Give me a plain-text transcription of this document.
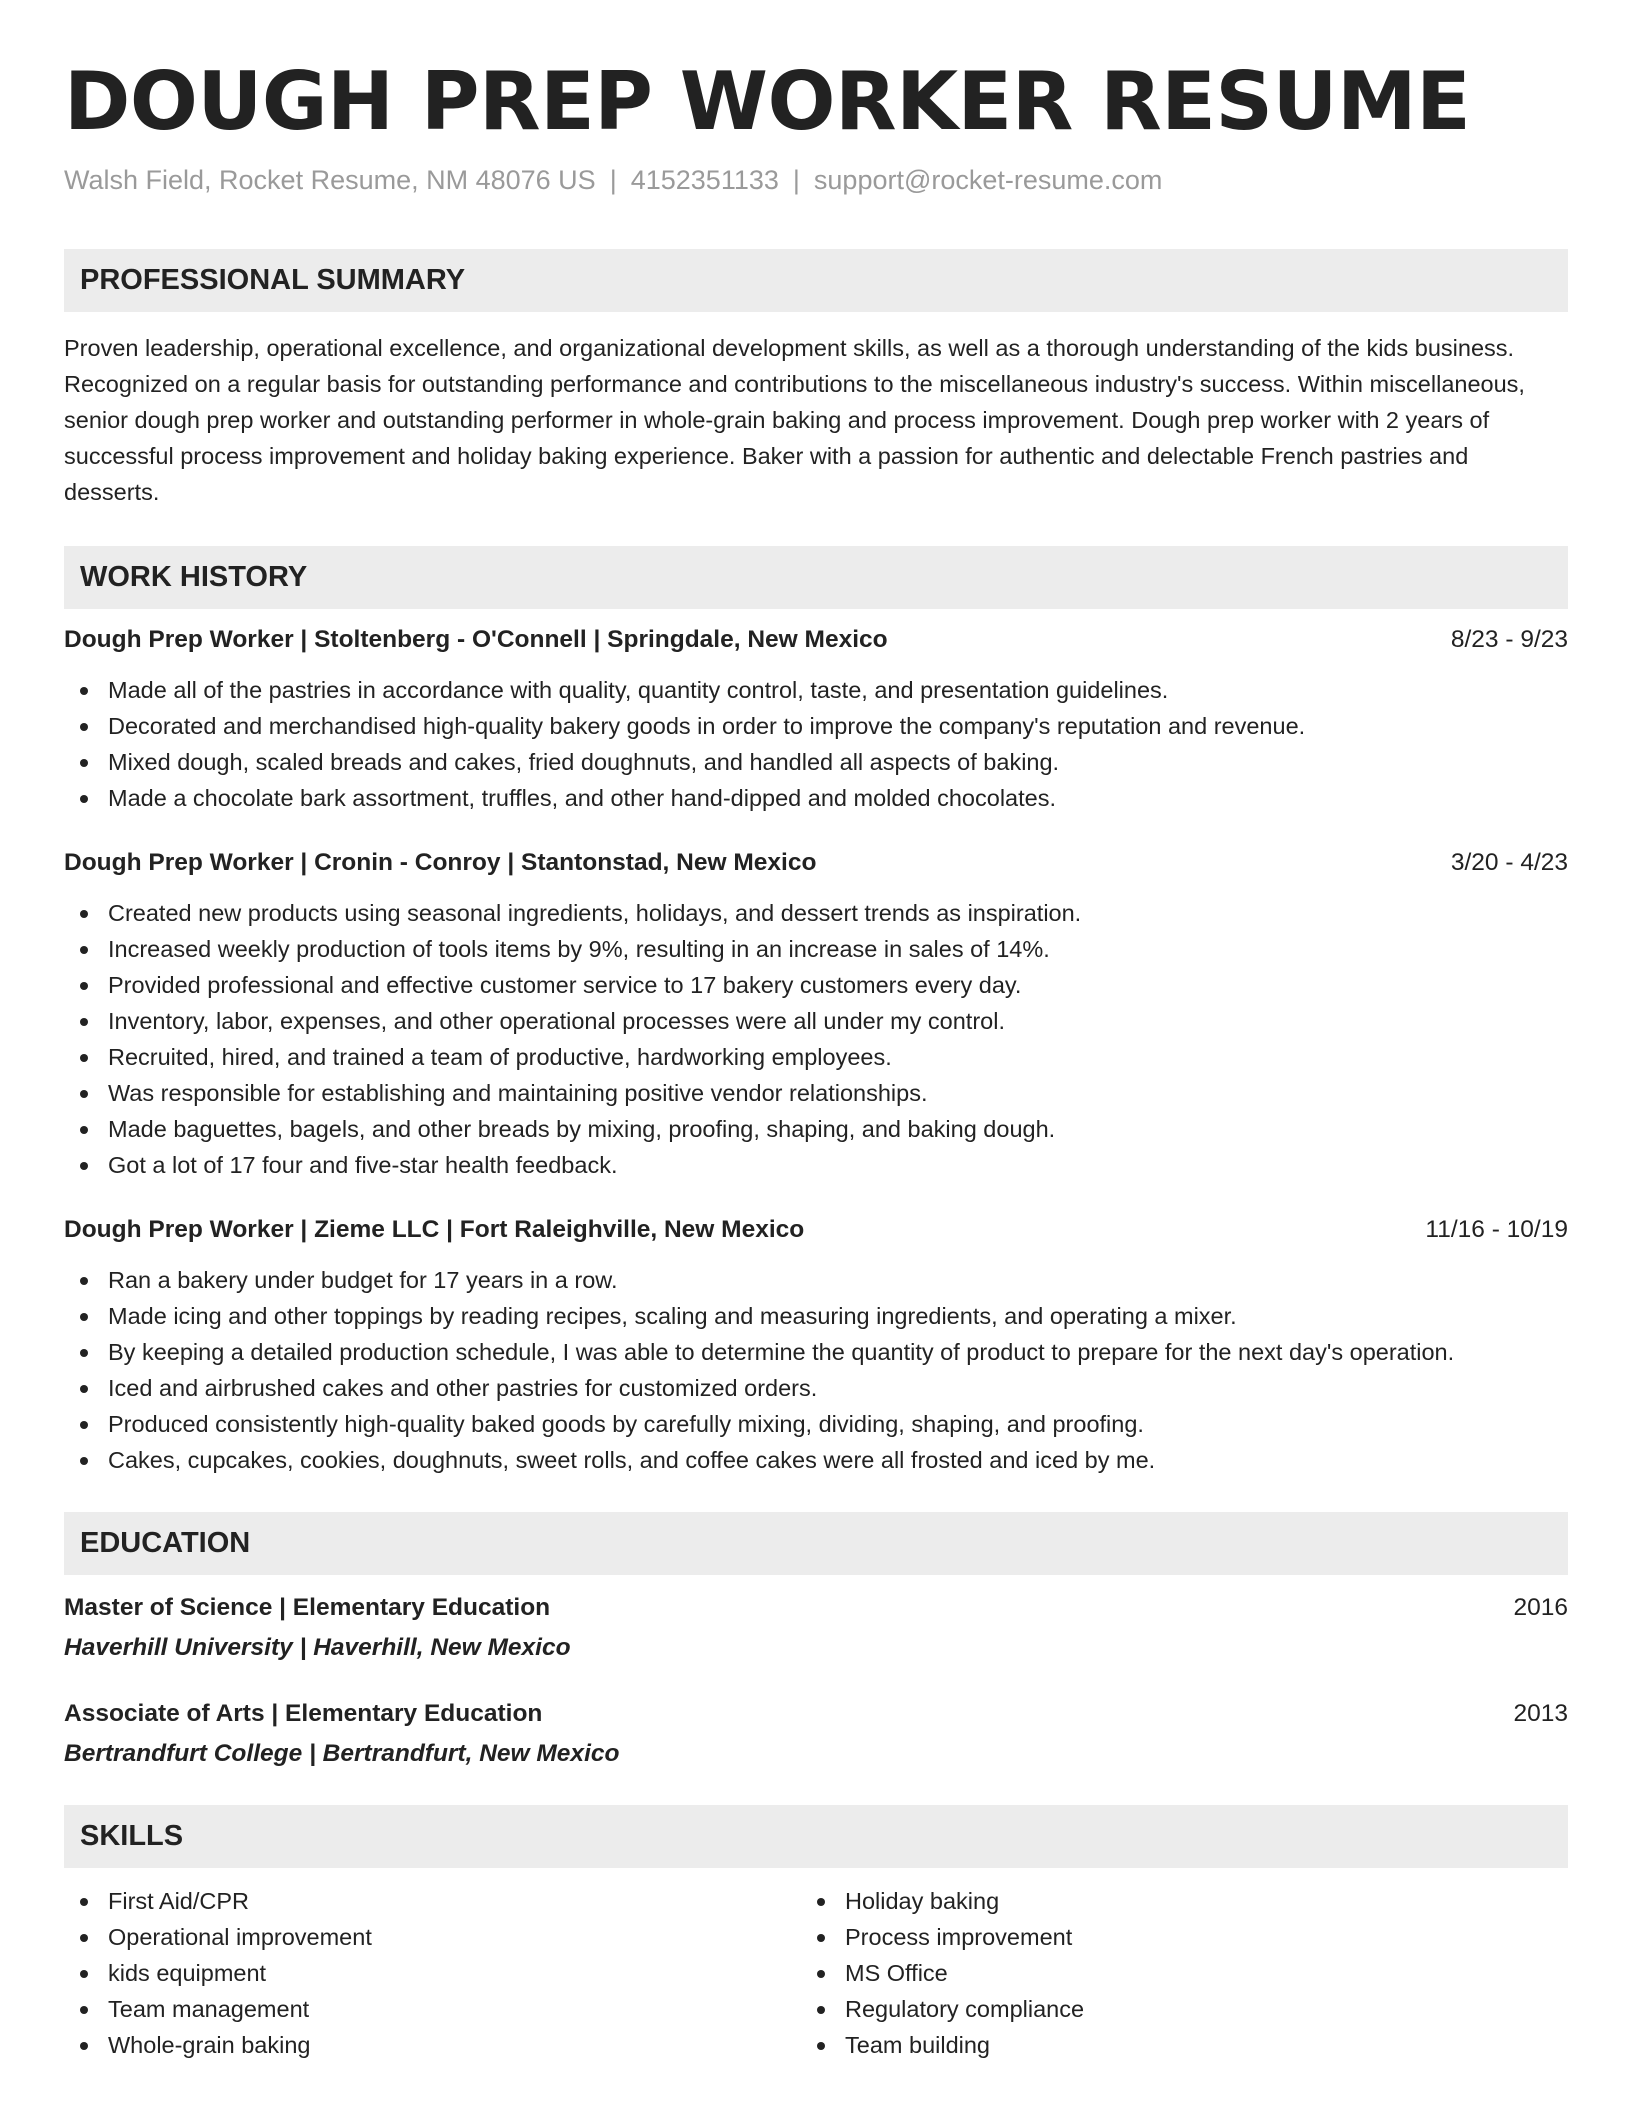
DOUGH PREP WORKER RESUME
Walsh Field, Rocket Resume, NM 48076 US | 4152351133 | support@rocket-resume.com
PROFESSIONAL SUMMARY

Proven leadership, operational excellence, and organizational development skills, as well as a thorough understanding of the kids business. Recognized on a regular basis for outstanding performance and contributions to the miscellaneous industry's success. Within miscellaneous, senior dough prep worker and outstanding performer in whole-grain baking and process improvement. Dough prep worker with 2 years of successful process improvement and holiday baking experience. Baker with a passion for authentic and delectable French pastries and desserts.

WORK HISTORY
Dough Prep Worker | Stoltenberg - O'Connell | Springdale, New Mexico	8/23 - 9/23
Made all of the pastries in accordance with quality, quantity control, taste, and presentation guidelines.
Decorated and merchandised high-quality bakery goods in order to improve the company's reputation and revenue.
Mixed dough, scaled breads and cakes, fried doughnuts, and handled all aspects of baking.
Made a chocolate bark assortment, truffles, and other hand-dipped and molded chocolates.
Dough Prep Worker | Cronin - Conroy | Stantonstad, New Mexico	3/20 - 4/23
Created new products using seasonal ingredients, holidays, and dessert trends as inspiration.
Increased weekly production of tools items by 9%, resulting in an increase in sales of 14%.
Provided professional and effective customer service to 17 bakery customers every day.
Inventory, labor, expenses, and other operational processes were all under my control.
Recruited, hired, and trained a team of productive, hardworking employees.
Was responsible for establishing and maintaining positive vendor relationships.
Made baguettes, bagels, and other breads by mixing, proofing, shaping, and baking dough.
Got a lot of 17 four and five-star health feedback.
Dough Prep Worker | Zieme LLC | Fort Raleighville, New Mexico	11/16 - 10/19
Ran a bakery under budget for 17 years in a row.
Made icing and other toppings by reading recipes, scaling and measuring ingredients, and operating a mixer.
By keeping a detailed production schedule, I was able to determine the quantity of product to prepare for the next day's operation.
Iced and airbrushed cakes and other pastries for customized orders.
Produced consistently high-quality baked goods by carefully mixing, dividing, shaping, and proofing.
Cakes, cupcakes, cookies, doughnuts, sweet rolls, and coffee cakes were all frosted and iced by me.
EDUCATION
Master of Science | Elementary Education	2016
Haverhill University | Haverhill, New Mexico
Associate of Arts | Elementary Education	2013
Bertrandfurt College | Bertrandfurt, New Mexico
SKILLS
First Aid/CPR
Operational improvement
kids equipment
Team management
Whole-grain baking
Holiday baking
Process improvement
MS Office
Regulatory compliance
Team building
